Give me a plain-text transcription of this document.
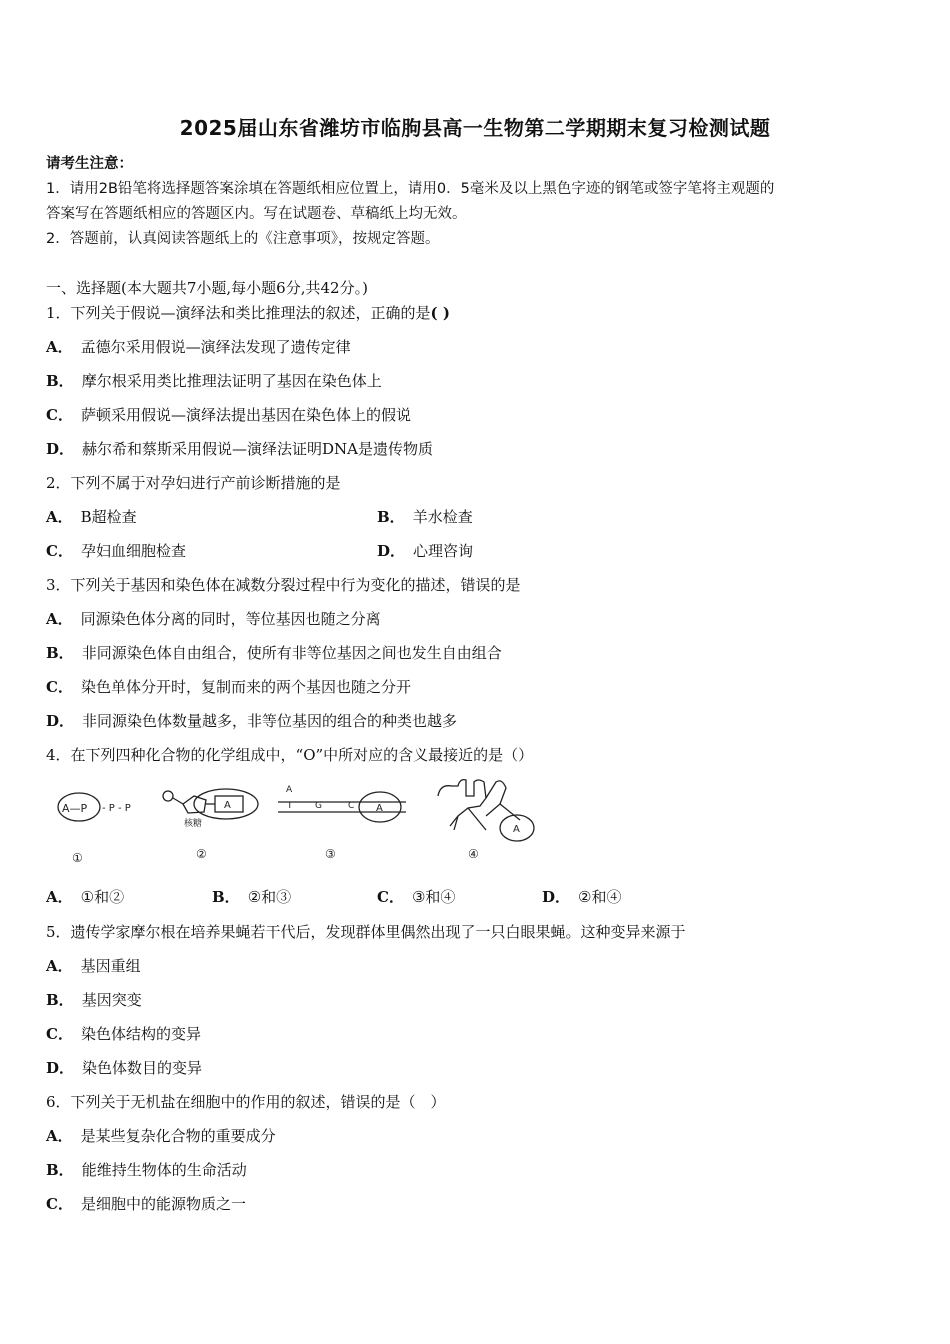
2025届山东省潍坊市临朐县高一生物第二学期期末复习检测试题
请考生注意：
1．请用2B铅笔将选择题答案涂填在答题纸相应位置上，请用0．5毫米及以上黑色字迹的钢笔或签字笔将主观题的
答案写在答题纸相应的答题区内。写在试题卷、草稿纸上均无效。
2．答题前，认真阅读答题纸上的《注意事项》，按规定答题。
一、选择题(本大题共7小题,每小题6分,共42分。)
1．下列关于假说—演绎法和类比推理法的叙述，正确的是( )
A． 孟德尔采用假说—演绎法发现了遗传定律
B． 摩尔根采用类比推理法证明了基因在染色体上
C． 萨顿采用假说—演绎法提出基因在染色体上的假说
D． 赫尔希和蔡斯采用假说—演绎法证明DNA是遗传物质
2．下列不属于对孕妇进行产前诊断措施的是
A． B超检查	B． 羊水检查
C． 孕妇血细胞检查	D． 心理咨询
3．下列关于基因和染色体在减数分裂过程中行为变化的描述，错误的是
A． 同源染色体分离的同时，等位基因也随之分离
B． 非同源染色体自由组合，使所有非等位基因之间也发生自由组合
C． 染色单体分开时，复制而来的两个基因也随之分开
D． 非同源染色体数量越多，非等位基因的组合的种类也越多
4．在下列四种化合物的化学组成中，“O”中所对应的含义最接近的是（）
A—P - P - P	A
核糖
A
T	G	C A
A
①	②	③	④
A． ①和②	B． ②和③	C． ③和④	D． ②和④
5．遗传学家摩尔根在培养果蝇若干代后，发现群体里偶然出现了一只白眼果蝇。这种变异来源于
A． 基因重组
B． 基因突变
C． 染色体结构的变异
D． 染色体数目的变异
6．下列关于无机盐在细胞中的作用的叙述，错误的是（　）
A． 是某些复杂化合物的重要成分
B． 能维持生物体的生命活动
C． 是细胞中的能源物质之一
